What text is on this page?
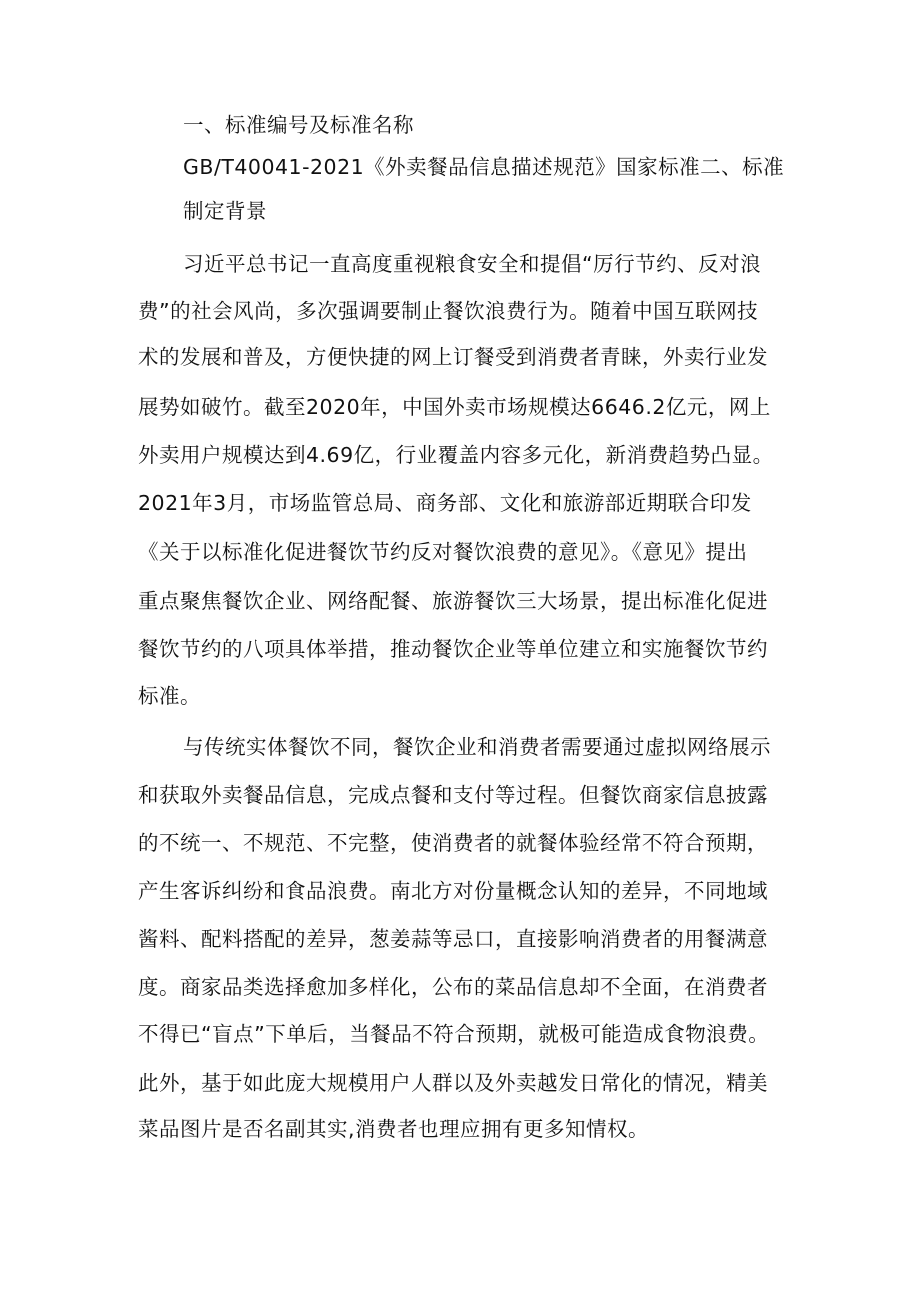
一、标准编号及标准名称

GB/T40041-2021《外卖餐品信息描述规范》国家标准二、标准

制定背景

习近平总书记一直高度重视粮食安全和提倡“厉行节约、反对浪

费”的社会风尚，多次强调要制止餐饮浪费行为。随着中国互联网技

术的发展和普及，方便快捷的网上订餐受到消费者青睐，外卖行业发

展势如破竹。截至2020年，中国外卖市场规模达6646.2亿元，网上

外卖用户规模达到4.69亿，行业覆盖内容多元化，新消费趋势凸显。

2021年3月，市场监管总局、商务部、文化和旅游部近期联合印发

《关于以标准化促进餐饮节约反对餐饮浪费的意见》。《意见》提出

重点聚焦餐饮企业、网络配餐、旅游餐饮三大场景，提出标准化促进

餐饮节约的八项具体举措，推动餐饮企业等单位建立和实施餐饮节约

标准。

与传统实体餐饮不同，餐饮企业和消费者需要通过虚拟网络展示

和获取外卖餐品信息，完成点餐和支付等过程。但餐饮商家信息披露

的不统一、不规范、不完整，使消费者的就餐体验经常不符合预期，

产生客诉纠纷和食品浪费。南北方对份量概念认知的差异，不同地域

酱料、配料搭配的差异，葱姜蒜等忌口，直接影响消费者的用餐满意

度。商家品类选择愈加多样化，公布的菜品信息却不全面，在消费者

不得已“盲点”下单后，当餐品不符合预期，就极可能造成食物浪费。

此外，基于如此庞大规模用户人群以及外卖越发日常化的情况，精美

菜品图片是否名副其实,消费者也理应拥有更多知情权。
